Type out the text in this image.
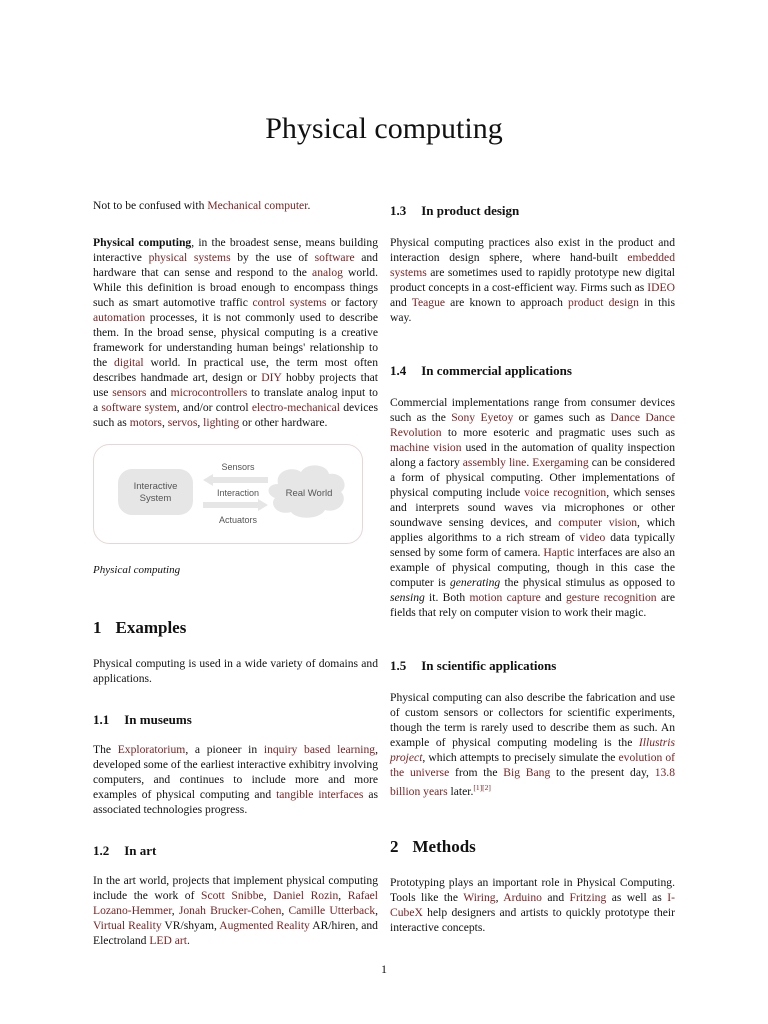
Physical computing

Not to be confused with Mechanical computer.

Physical computing, in the broadest sense, means building interactive physical systems by the use of software and hardware that can sense and respond to the analog world. While this definition is broad enough to encompass things such as smart automotive traffic control systems or factory automation processes, it is not commonly used to describe them. In the broad sense, physical computing is a creative framework for understanding human beings' relationship to the digital world. In practical use, the term most often describes handmade art, design or DIY hobby projects that use sensors and microcontrollers to translate analog input to a software system, and/or control electro-mechanical devices such as motors, servos, lighting or other hardware.

Interactive
System	Real World
Sensors
Interaction
Actuators

Physical computing

1 Examples

Physical computing is used in a wide variety of domains and applications.

1.1 In museums

The Exploratorium, a pioneer in inquiry based learning, developed some of the earliest interactive exhibitry involving computers, and continues to include more and more examples of physical computing and tangible interfaces as associated technologies progress.

1.2 In art

In the art world, projects that implement physical computing include the work of Scott Snibbe, Daniel Rozin, Rafael Lozano-Hemmer, Jonah Brucker-Cohen, Camille Utterback, Virtual Reality VR/shyam, Augmented Reality AR/hiren, and Electroland LED art.

1.3 In product design

Physical computing practices also exist in the product and interaction design sphere, where hand-built embedded systems are sometimes used to rapidly prototype new digital product concepts in a cost-efficient way. Firms such as IDEO and Teague are known to approach product design in this way.

1.4 In commercial applications

Commercial implementations range from consumer devices such as the Sony Eyetoy or games such as Dance Dance Revolution to more esoteric and pragmatic uses such as machine vision used in the automation of quality inspection along a factory assembly line. Exergaming can be considered a form of physical computing. Other implementations of physical computing include voice recognition, which senses and interprets sound waves via microphones or other soundwave sensing devices, and computer vision, which applies algorithms to a rich stream of video data typically sensed by some form of camera. Haptic interfaces are also an example of physical computing, though in this case the computer is generating the physical stimulus as opposed to sensing it. Both motion capture and gesture recognition are fields that rely on computer vision to work their magic.

1.5 In scientific applications

Physical computing can also describe the fabrication and use of custom sensors or collectors for scientific experiments, though the term is rarely used to describe them as such. An example of physical computing modeling is the Illustris project, which attempts to precisely simulate the evolution of the universe from the Big Bang to the present day, 13.8 billion years later.[1][2]

2 Methods

Prototyping plays an important role in Physical Computing. Tools like the Wiring, Arduino and Fritzing as well as I-CubeX help designers and artists to quickly prototype their interactive concepts.

1
